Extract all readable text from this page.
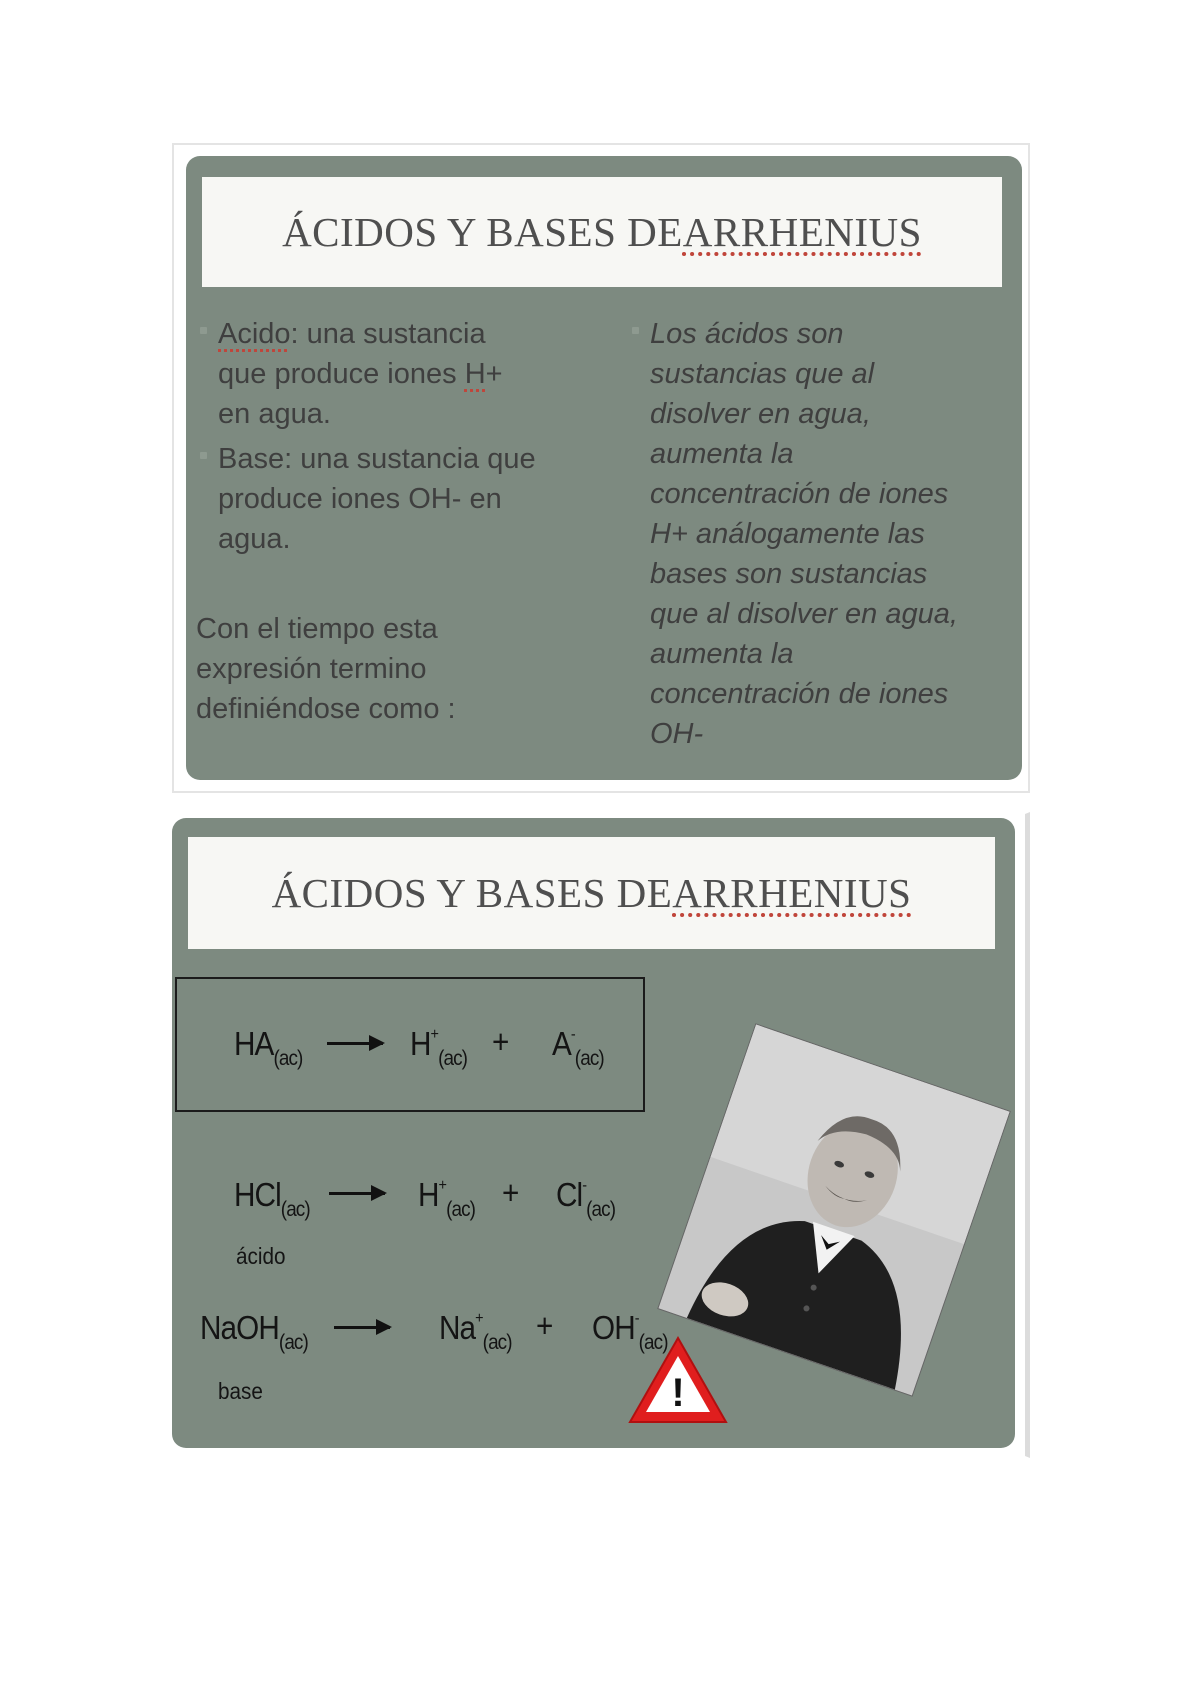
ÁCIDOS Y BASES DE ARRHENIUS
Acido: una sustancia
que produce iones H+
en agua.
Base: una sustancia que
produce iones OH- en
agua.
Con el tiempo esta
expresión termino
definiéndose como :
Los ácidos son
sustancias que al
disolver en agua,
aumenta la
concentración de iones
H+ análogamente las
bases son sustancias
que al disolver en agua,
aumenta la
concentración de iones
OH-
ÁCIDOS Y BASES DE ARRHENIUS
$HA_{(ac)}$	$H^+_{(ac)} + A^-_{(ac)}$
HCl$_{(ac)}$	$H^+_{(ac)} + Cl^-_{(ac)}$
ácido
NaOH$_{(ac)}$	$Na^+_{(ac)} + OH^-_{(ac)}$
base	!
